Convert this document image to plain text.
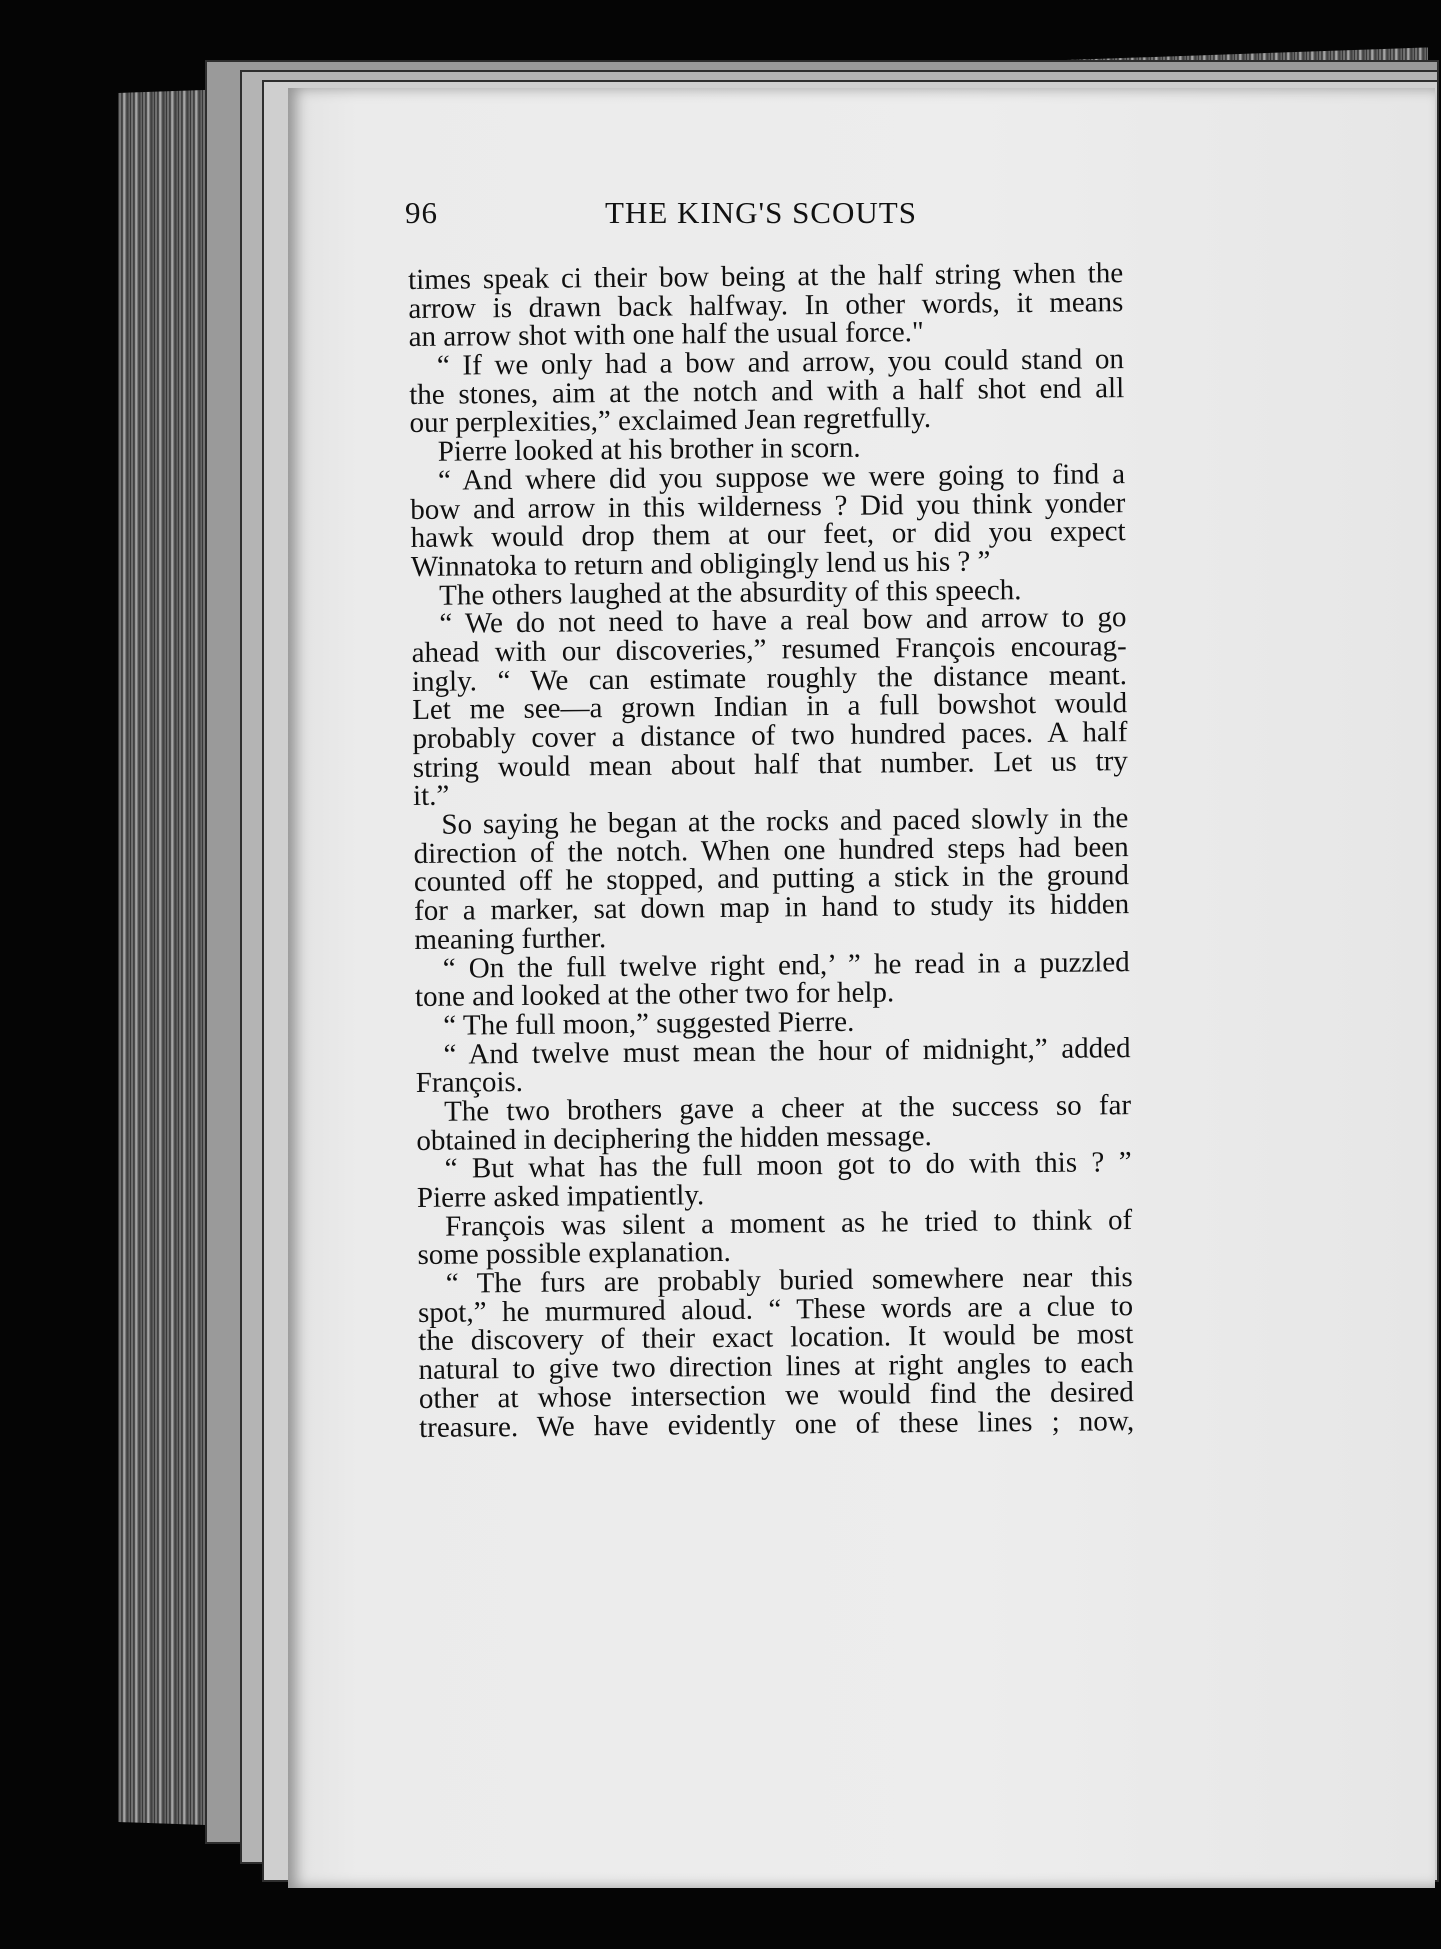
96	THE KING'S SCOUTS
times speak ci their bow being at the half string when the
arrow is drawn back halfway. In other words, it means
an arrow shot with one half the usual force."
“ If we only had a bow and arrow, you could stand on
the stones, aim at the notch and with a half shot end all
our perplexities,” exclaimed Jean regretfully.
Pierre looked at his brother in scorn.
“ And where did you suppose we were going to find a
bow and arrow in this wilderness ? Did you think yonder
hawk would drop them at our feet, or did you expect
Winnatoka to return and obligingly lend us his ? ”
The others laughed at the absurdity of this speech.
“ We do not need to have a real bow and arrow to go
ahead with our discoveries,” resumed François encourag-
ingly. “ We can estimate roughly the distance meant.
Let me see—a grown Indian in a full bowshot would
probably cover a distance of two hundred paces. A half
string would mean about half that number. Let us try
it.”
So saying he began at the rocks and paced slowly in the
direction of the notch. When one hundred steps had been
counted off he stopped, and putting a stick in the ground
for a marker, sat down map in hand to study its hidden
meaning further.
“ On the full twelve right end,’ ” he read in a puzzled
tone and looked at the other two for help.
“ The full moon,” suggested Pierre.
“ And twelve must mean the hour of midnight,” added
François.
The two brothers gave a cheer at the success so far
obtained in deciphering the hidden message.
“ But what has the full moon got to do with this ? ”
Pierre asked impatiently.
François was silent a moment as he tried to think of
some possible explanation.
“ The furs are probably buried somewhere near this
spot,” he murmured aloud. “ These words are a clue to
the discovery of their exact location. It would be most
natural to give two direction lines at right angles to each
other at whose intersection we would find the desired
treasure. We have evidently one of these lines ; now,
